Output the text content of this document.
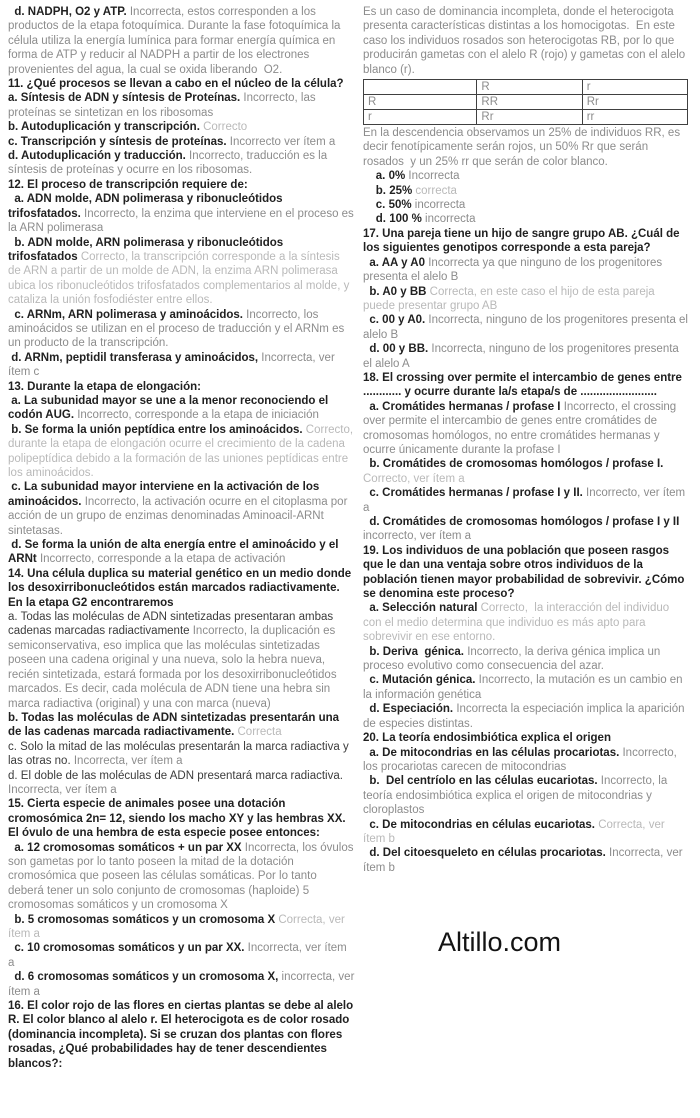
d. NADPH, O2 y ATP. Incorrecta, estos corresponden a los productos de la etapa fotoquímica. Durante la fase fotoquímica la célula utiliza la energía lumínica para formar energía química en forma de ATP y reducir al NADPH a partir de los electrones provenientes del agua, la cual se oxida liberando  O2.

11. ¿Qué procesos se llevan a cabo en el núcleo de la célula?

a. Síntesis de ADN y síntesis de Proteínas. Incorrecto, las proteínas se sintetizan en los ribosomas

b. Autoduplicación y transcripción. Correcto

c. Transcripción y síntesis de proteínas. Incorrecto ver ítem a

d. Autoduplicación y traducción. Incorrecto, traducción es la síntesis de proteínas y ocurre en los ribosomas.

12. El proceso de transcripción requiere de:

a. ADN molde, ADN polimerasa y ribonucleótidos trifosfatados. Incorrecto, la enzima que interviene en el proceso es la ARN polimerasa

b. ADN molde, ARN polimerasa y ribonucleótidos trifosfatados Correcto, la transcripción corresponde a la síntesis de ARN a partir de un molde de ADN, la enzima ARN polimerasa ubica los ribonucleótidos trifosfatados complementarios al molde, y cataliza la unión fosfodiéster entre ellos.

c. ARNm, ARN polimerasa y aminoácidos. Incorrecto, los aminoácidos se utilizan en el proceso de traducción y el ARNm es un producto de la transcripción.

d. ARNm, peptidil transferasa y aminoácidos, Incorrecta, ver ítem c

13. Durante la etapa de elongación:

a. La subunidad mayor se une a la menor reconociendo el codón AUG. Incorrecto, corresponde a la etapa de iniciación

b. Se forma la unión peptídica entre los aminoácidos. Correcto, durante la etapa de elongación ocurre el crecimiento de la cadena polipeptídica debido a la formación de las uniones peptídicas entre los aminoácidos.

c. La subunidad mayor interviene en la activación de los aminoácidos. Incorrecto, la activación ocurre en el citoplasma por acción de un grupo de enzimas denominadas Aminoacil-ARNt sintetasas.

d. Se forma la unión de alta energía entre el aminoácido y el ARNt Incorrecto, corresponde a la etapa de activación

14. Una célula duplica su material genético en un medio donde los desoxirribonucleótidos están marcados radiactivamente. En la etapa G2 encontraremos

a. Todas las moléculas de ADN sintetizadas presentaran ambas cadenas marcadas radiactivamente Incorrecto, la duplicación es semiconservativa, eso implica que las moléculas sintetizadas poseen una cadena original y una nueva, solo la hebra nueva, recién sintetizada, estará formada por los desoxirribonucleótidos marcados. Es decir, cada molécula de ADN tiene una hebra sin marca radiactiva (original) y una con marca (nueva)

b. Todas las moléculas de ADN sintetizadas presentarán una de las cadenas marcada radiactivamente. Correcta

c. Solo la mitad de las moléculas presentarán la marca radiactiva y  las otras no. Incorrecta, ver ítem a

d. El doble de las moléculas de ADN presentará marca radiactiva. Incorrecta, ver ítem a

15. Cierta especie de animales posee una dotación cromosómica 2n= 12, siendo los macho XY y las hembras XX. El óvulo de una hembra de esta especie posee entonces:

a. 12 cromosomas somáticos + un par XX Incorrecta, los óvulos son gametas por lo tanto poseen la mitad de la dotación cromosómica que poseen las células somáticas. Por lo tanto deberá tener un solo conjunto de cromosomas (haploide) 5 cromosomas somáticos y un cromosoma X

b. 5 cromosomas somáticos y un cromosoma X Correcta, ver ítem a

c. 10 cromosomas somáticos y un par XX. Incorrecta, ver ítem a

d. 6 cromosomas somáticos y un cromosoma X, incorrecta, ver ítem a

16. El color rojo de las flores en ciertas plantas se debe al alelo R. El color blanco al alelo r. El heterocigota es de color rosado (dominancia incompleta). Si se cruzan dos plantas con flores rosadas, ¿Qué probabilidades hay de tener descendientes blancos?:

Es un caso de dominancia incompleta, donde el heterocigota presenta características distintas a los homocigotas.  En este caso los individuos rosados son heterocigotas RB, por lo que producirán gametas con el alelo R (rojo) y gametas con el alelo blanco (r).

	R	r
R	RR	Rr
r	Rr	rr

En la descendencia observamos un 25% de individuos RR, es decir fenotípicamente serán rojos, un 50% Rr que serán rosados  y un 25% rr que serán de color blanco.

a. 0% Incorrecta

b. 25% correcta

c. 50% incorrecta

d. 100 % incorrecta

17. Una pareja tiene un hijo de sangre grupo AB. ¿Cuál de los siguientes genotipos corresponde a esta pareja?

a. AA y A0 Incorrecta ya que ninguno de los progenitores presenta el alelo B

b. A0 y BB Correcta, en este caso el hijo de esta pareja puede presentar grupo AB

c. 00 y A0. Incorrecta, ninguno de los progenitores presenta el alelo B

d. 00 y BB. Incorrecta, ninguno de los progenitores presenta el alelo A

18. El crossing over permite el intercambio de genes entre ............ y ocurre durante la/s etapa/s de ........................

a. Cromátides hermanas / profase I Incorrecto, el crossing over permite el intercambio de genes entre cromátides de cromosomas homólogos, no entre cromátides hermanas y ocurre únicamente durante la profase I

b. Cromátides de cromosomas homólogos / profase I. Correcto, ver ítem a

c. Cromátides hermanas / profase I y II. Incorrecto, ver ítem a

d. Cromátides de cromosomas homólogos / profase I y II incorrecto, ver ítem a

19. Los individuos de una población que poseen rasgos que le dan una ventaja sobre otros individuos de la población tienen mayor probabilidad de sobrevivir. ¿Cómo se denomina este proceso?

a. Selección natural Correcto,  la interacción del individuo con el medio determina que individuo es más apto para sobrevivir en ese entorno.

b. Deriva  génica. Incorrecto, la deriva génica implica un proceso evolutivo como consecuencia del azar.

c. Mutación génica. Incorrecto, la mutación es un cambio en la información genética

d. Especiación. Incorrecta la especiación implica la aparición de especies distintas.

20. La teoría endosimbiótica explica el origen

a. De mitocondrias en las células procariotas. Incorrecto, los procariotas carecen de mitocondrias

b.  Del centríolo en las células eucariotas. Incorrecto, la teoría endosimbiótica explica el origen de mitocondrias y cloroplastos

c. De mitocondrias en células eucariotas. Correcta, ver ítem b

d. Del citoesqueleto en células procariotas. Incorrecta, ver ítem b

Altillo.com
